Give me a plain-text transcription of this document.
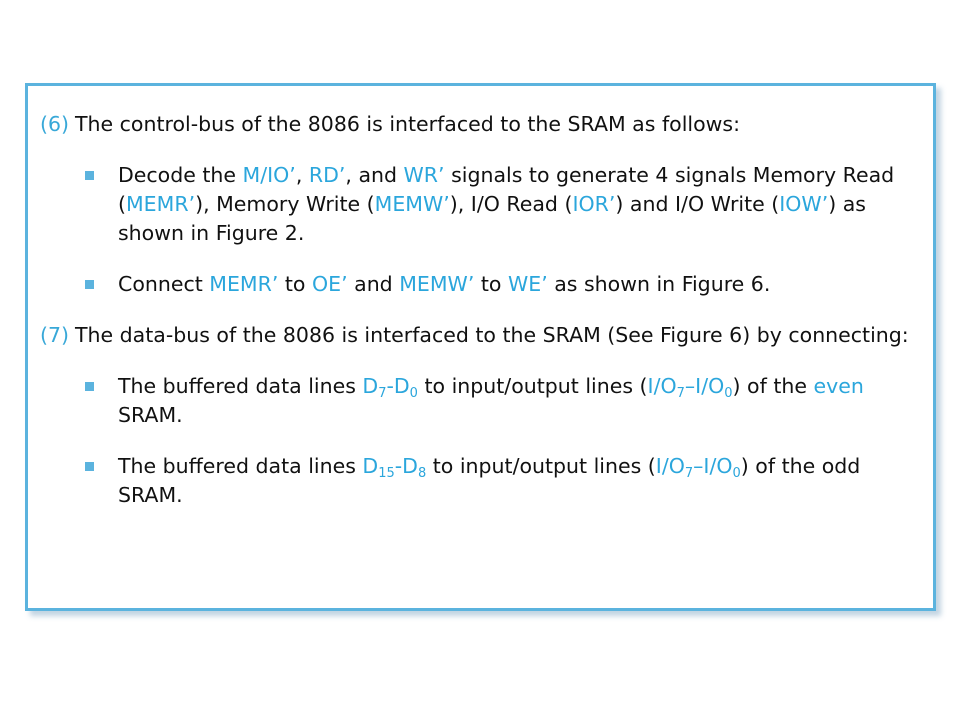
(6) The control-bus of the 8086 is interfaced to the SRAM as follows:
Decode the M/IO’, RD’, and WR’ signals to generate 4 signals Memory Read (MEMR’), Memory Write (MEMW’), I/O Read (IOR’) and I/O Write (IOW’) as shown in Figure 2.
Connect MEMR’ to OE’ and MEMW’ to WE’ as shown in Figure 6.
(7) The data-bus of the 8086 is interfaced to the SRAM (See Figure 6) by connecting:
The buffered data lines $D_7-D_0$ to input/output lines $(I/O_7-I/O_0)$ of the even SRAM.
The buffered data lines $D_{15}-D_8$ to input/output lines $(I/O_7-I/O_0)$ of the odd SRAM.
